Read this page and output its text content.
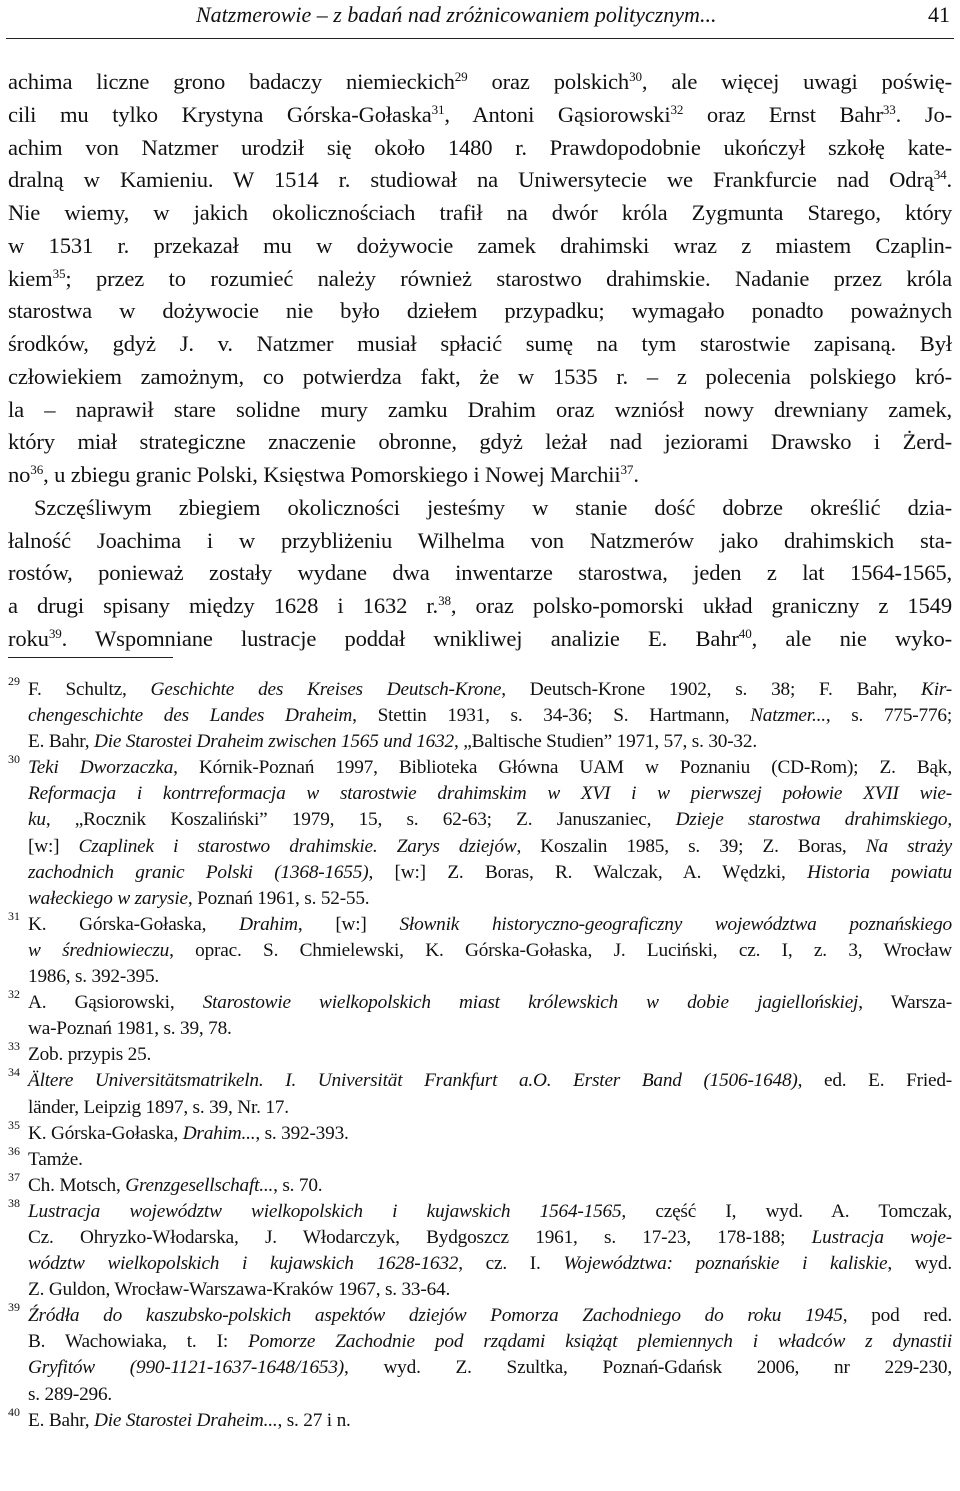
Natzmerowie – z badań nad zróżnicowaniem politycznym...	41
achima liczne grono badaczy niemieckich$^{29}$ oraz polskich$^{30}$, ale więcej uwagi poświę-
cili mu tylko Krystyna Górska-Gołaska$^{31}$, Antoni Gąsiorowski$^{32}$ oraz Ernst Bahr$^{33}$. Jo-
achim von Natzmer urodził się około 1480 r. Prawdopodobnie ukończył szkołę kate-
dralną w Kamieniu. W 1514 r. studiował na Uniwersytecie we Frankfurcie nad Odrą$^{34}$.
Nie wiemy, w jakich okolicznościach trafił na dwór króla Zygmunta Starego, który
w 1531 r. przekazał mu w dożywocie zamek drahimski wraz z miastem Czaplin-
kiem$^{35}$; przez to rozumieć należy również starostwo drahimskie. Nadanie przez króla
starostwa w dożywocie nie było dziełem przypadku; wymagało ponadto poważnych
środków, gdyż J. v. Natzmer musiał spłacić sumę na tym starostwie zapisaną. Był
człowiekiem zamożnym, co potwierdza fakt, że w 1535 r. – z polecenia polskiego kró-
la – naprawił stare solidne mury zamku Drahim oraz wzniósł nowy drewniany zamek,
który miał strategiczne znaczenie obronne, gdyż leżał nad jeziorami Drawsko i Żerd-
$no^{36}$, u zbiegu granic Polski, Księstwa Pomorskiego i Nowej Marchii$^{37}$.
Szczęśliwym zbiegiem okoliczności jesteśmy w stanie dość dobrze określić dzia-
łalność Joachima i w przybliżeniu Wilhelma von Natzmerów jako drahimskich sta-
rostów, ponieważ zostały wydane dwa inwentarze starostwa, jeden z lat 1564-1565,
a drugi spisany między 1628 i 1632 r.$^{38}$, oraz polsko-pomorski układ graniczny z 1549
roku$^{39}$. Wspomniane lustracje poddał wnikliwej analizie E. Bahr$^{40}$, ale nie wyko-
29 F. Schultz, Geschichte des Kreises Deutsch-Krone, Deutsch-Krone 1902, s. 38; F. Bahr, Kir-
chengeschichte des Landes Draheim, Stettin 1931, s. 34-36; S. Hartmann, Natzmer..., s. 775-776;
E. Bahr, Die Starostei Draheim zwischen 1565 und 1632, „Baltische Studien” 1971, 57, s. 30-32.
30 Teki Dworzaczka, Kórnik-Poznań 1997, Biblioteka Główna UAM w Poznaniu (CD-Rom); Z. Bąk,
Reformacja i kontrreformacja w starostwie drahimskim w XVI i w pierwszej połowie XVII wie-
ku, „Rocznik Koszaliński” 1979, 15, s. 62-63; Z. Januszaniec, Dzieje starostwa drahimskiego,
[w:] Czaplinek i starostwo drahimskie. Zarys dziejów, Koszalin 1985, s. 39; Z. Boras, Na straży
zachodnich granic Polski (1368-1655), [w:] Z. Boras, R. Walczak, A. Wędzki, Historia powiatu
wałeckiego w zarysie, Poznań 1961, s. 52-55.
31 K. Górska-Gołaska, Drahim, [w:] Słownik historyczno-geograficzny województwa poznańskiego
w średniowieczu, oprac. S. Chmielewski, K. Górska-Gołaska, J. Luciński, cz. I, z. 3, Wrocław
1986, s. 392-395.
32 A. Gąsiorowski, Starostowie wielkopolskich miast królewskich w dobie jagiellońskiej, Warsza-
wa-Poznań 1981, s. 39, 78.
33 Zob. przypis 25.
34 Ältere Universitätsmatrikeln. I. Universität Frankfurt a.O. Erster Band (1506-1648), ed. E. Fried-
länder, Leipzig 1897, s. 39, Nr. 17.
35 K. Górska-Gołaska, Drahim..., s. 392-393.
36 Tamże.
37 Ch. Motsch, Grenzgesellschaft..., s. 70.
38 Lustracja województw wielkopolskich i kujawskich 1564-1565, część I, wyd. A. Tomczak,
Cz. Ohryzko-Włodarska, J. Włodarczyk, Bydgoszcz 1961, s. 17-23, 178-188; Lustracja woje-
wództw wielkopolskich i kujawskich 1628-1632, cz. I. Województwa: poznańskie i kaliskie, wyd.
Z. Guldon, Wrocław-Warszawa-Kraków 1967, s. 33-64.
39 Źródła do kaszubsko-polskich aspektów dziejów Pomorza Zachodniego do roku 1945, pod red.
B. Wachowiaka, t. I: Pomorze Zachodnie pod rządami książąt plemiennych i władców z dynastii
Gryfitów (990-1121-1637-1648/1653), wyd. Z. Szultka, Poznań-Gdańsk 2006, nr 229-230,
s. 289-296.
40 E. Bahr, Die Starostei Draheim..., s. 27 i n.
